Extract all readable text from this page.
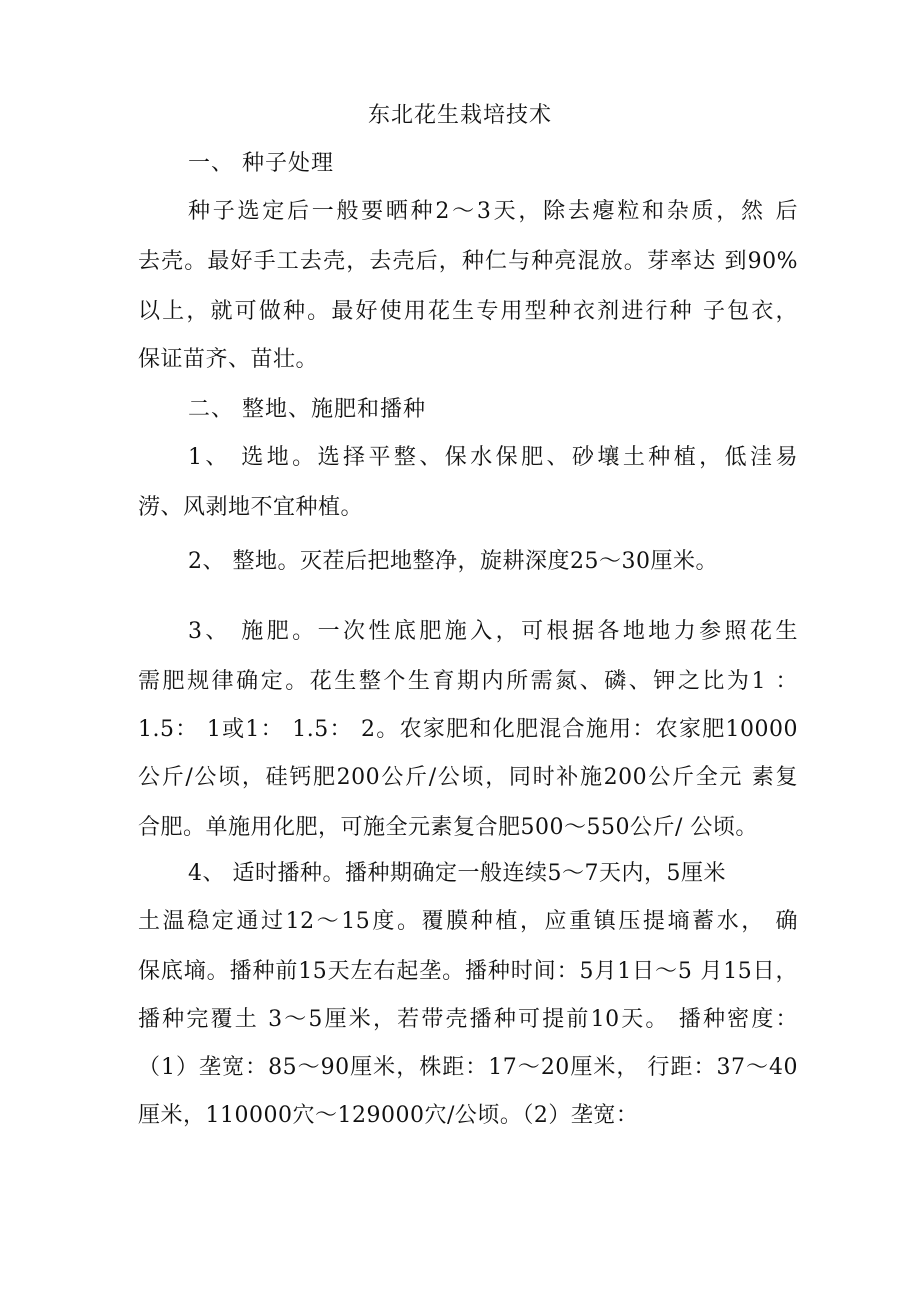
东北花生栽培技术
一、 种子处理
种子选定后一般要晒种2～3天，除去瘪粒和杂质，然 后
去壳。最好手工去壳，去壳后，种仁与种亮混放。芽率达 到90%
以上，就可做种。最好使用花生专用型种衣剂进行种 子包衣，
保证苗齐、苗壮。
二、 整地、施肥和播种
1、 选地。选择平整、保水保肥、砂壤土种植，低洼易
涝、风剥地不宜种植。
2、 整地。灭茬后把地整净，旋耕深度25～30厘米。
3、 施肥。一次性底肥施入，可根据各地地力参照花生
需肥规律确定。花生整个生育期内所需氮、磷、钾之比为1 ：
1.5： 1或1： 1.5： 2。农家肥和化肥混合施用：农家肥10000
公斤/公顷，硅钙肥200公斤/公顷，同时补施200公斤全元 素复
合肥。单施用化肥，可施全元素复合肥500～550公斤/ 公顷。
4、 适时播种。播种期确定一般连续5～7天内，5厘米
土温稳定通过12～15度。覆膜种植，应重镇压提墒蓄水， 确
保底墒。播种前15天左右起垄。播种时间：5月1日～5 月15日，
播种完覆土 3～5厘米，若带壳播种可提前10天。 播种密度：
（1）垄宽：85～90厘米，株距：17～20厘米， 行距：37～40
厘米，110000穴～129000穴/公顷。（2）垄宽：
